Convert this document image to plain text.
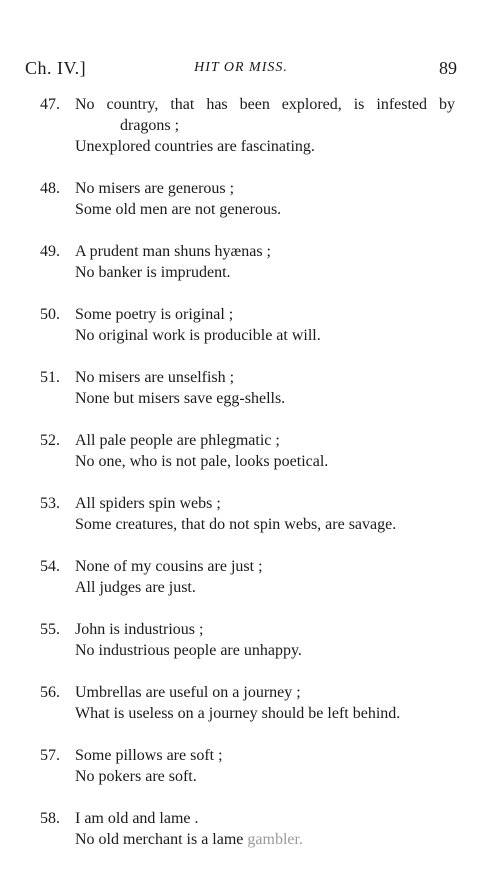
Ch. IV.]	HIT OR MISS.	89
47. No country, that has been explored, is infested by
dragons ;
Unexplored countries are fascinating.
48. No misers are generous ;
Some old men are not generous.
49. A prudent man shuns hyænas ;
No banker is imprudent.
50. Some poetry is original ;
No original work is producible at will.
51. No misers are unselfish ;
None but misers save egg-shells.
52. All pale people are phlegmatic ;
No one, who is not pale, looks poetical.
53. All spiders spin webs ;
Some creatures, that do not spin webs, are savage.
54. None of my cousins are just ;
All judges are just.
55. John is industrious ;
No industrious people are unhappy.
56. Umbrellas are useful on a journey ;
What is useless on a journey should be left behind.
57. Some pillows are soft ;
No pokers are soft.
58. I am old and lame .
No old merchant is a lame gambler.
